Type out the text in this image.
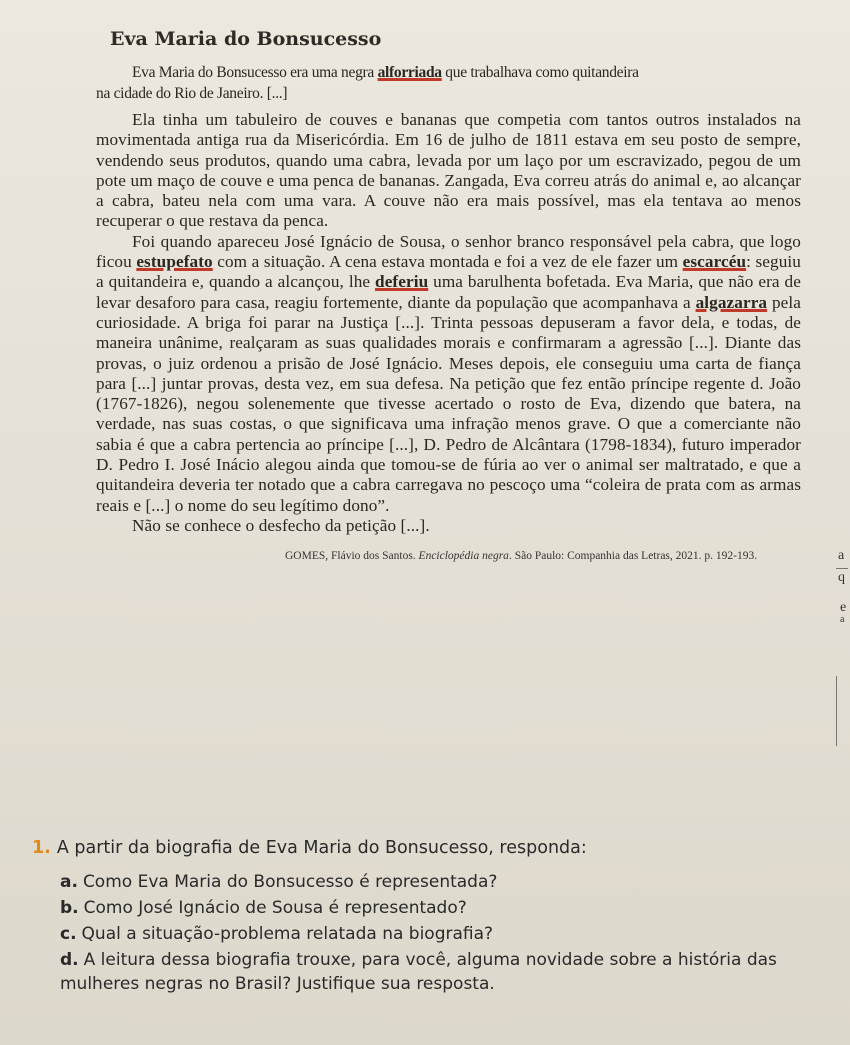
Eva Maria do Bonsucesso

Eva Maria do Bonsucesso era uma negra alforriada que trabalhava como quitandeira

na cidade do Rio de Janeiro. [...]

Ela tinha um tabuleiro de couves e bananas que competia com tantos outros instalados na movimentada antiga rua da Misericórdia. Em 16 de julho de 1811 estava em seu posto de sempre, vendendo seus produtos, quando uma cabra, levada por um laço por um escravizado, pegou de um pote um maço de couve e uma penca de bananas. Zangada, Eva correu atrás do animal e, ao alcançar a cabra, bateu nela com uma vara. A couve não era mais possível, mas ela tentava ao menos recuperar o que restava da penca.

Foi quando apareceu José Ignácio de Sousa, o senhor branco responsável pela cabra, que logo ficou estupefato com a situação. A cena estava montada e foi a vez de ele fazer um escarcéu: seguiu a quitandeira e, quando a alcançou, lhe deferiu uma barulhenta bofetada. Eva Maria, que não era de levar desaforo para casa, reagiu fortemente, diante da população que acompanhava a algazarra pela curiosidade. A briga foi parar na Justiça [...]. Trinta pessoas depuseram a favor dela, e todas, de maneira unânime, realçaram as suas qualidades morais e confirmaram a agressão [...]. Diante das provas, o juiz ordenou a prisão de José Ignácio. Meses depois, ele conseguiu uma carta de fiança para [...] juntar provas, desta vez, em sua defesa. Na petição que fez então príncipe regente d. João (1767-1826), negou solenemente que tivesse acertado o rosto de Eva, dizendo que batera, na verdade, nas suas costas, o que significava uma infração menos grave. O que a comerciante não sabia é que a cabra pertencia ao príncipe [...], D. Pedro de Alcântara (1798-1834), futuro imperador D. Pedro I. José Inácio alegou ainda que tomou-se de fúria ao ver o animal ser maltratado, e que a quitandeira deveria ter notado que a cabra carregava no pescoço uma “coleira de prata com as armas reais e [...] o nome do seu legítimo dono”.

Não se conhece o desfecho da petição [...].

GOMES, Flávio dos Santos. Enciclopédia negra. São Paulo: Companhia das Letras, 2021. p. 192-193.	a
q
e
a

1. A partir da biografia de Eva Maria do Bonsucesso, responda:

a. Como Eva Maria do Bonsucesso é representada?
b. Como José Ignácio de Sousa é representado?
c. Qual a situação-problema relatada na biografia?
d. A leitura dessa biografia trouxe, para você, alguma novidade sobre a história das mulheres negras no Brasil? Justifique sua resposta.
